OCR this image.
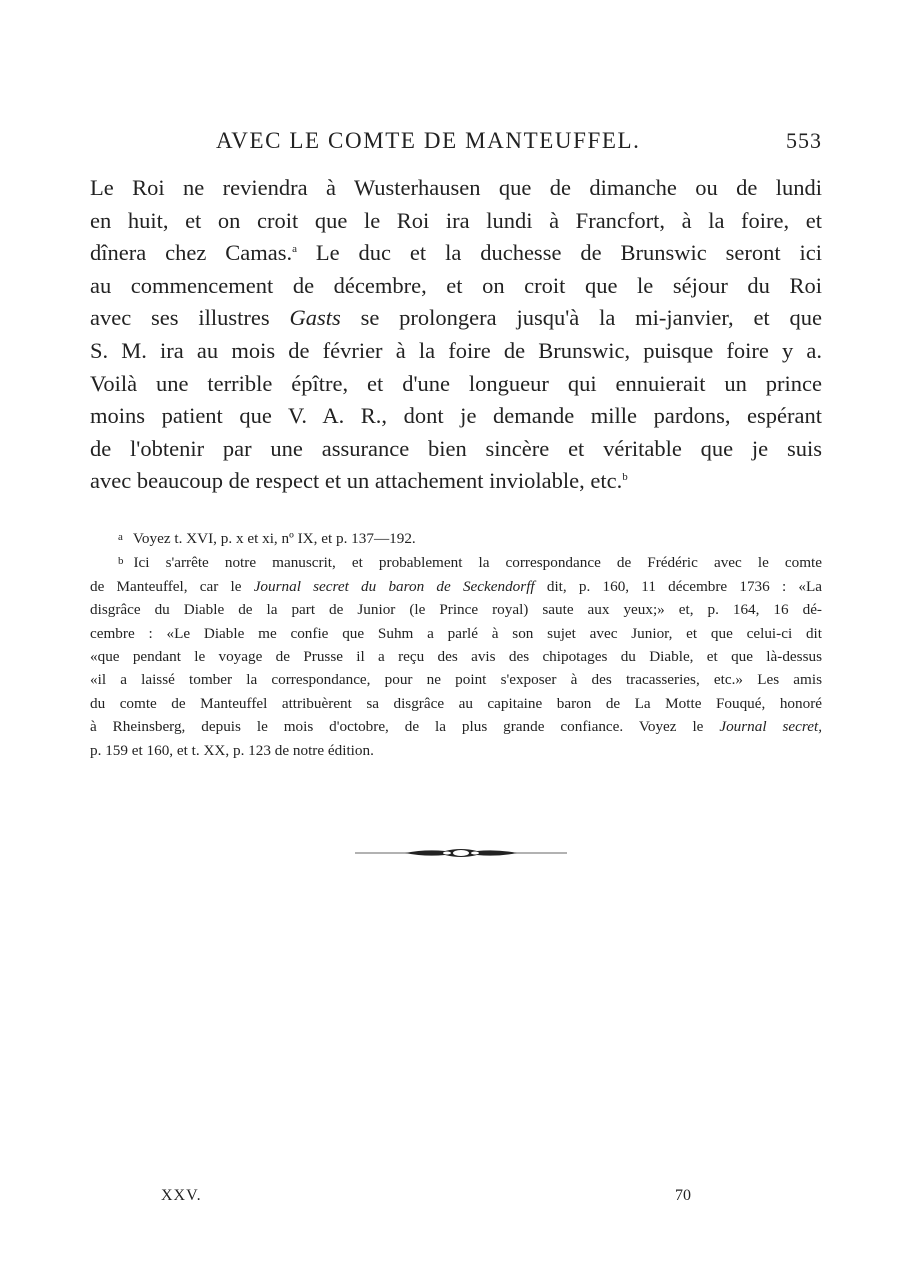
AVEC LE COMTE DE MANTEUFFEL.	553
Le Roi ne reviendra à Wusterhausen que de dimanche ou de lundi
en huit, et on croit que le Roi ira lundi à Francfort, à la foire, et
dînera chez Camas.$^a$ Le duc et la duchesse de Brunswic seront ici
au commencement de décembre, et on croit que le séjour du Roi
avec ses illustres Gasts se prolongera jusqu'à la mi-janvier, et que
S. M. ira au mois de février à la foire de Brunswic, puisque foire y a.
Voilà une terrible épître, et d'une longueur qui ennuierait un prince
moins patient que V. A. R., dont je demande mille pardons, espérant
de l'obtenir par une assurance bien sincère et véritable que je suis
avec beaucoup de respect et un attachement inviolable, etc.$^b$
a Voyez t. XVI, p. x et xi, nº IX, et p. 137—192.
b Ici s'arrête notre manuscrit, et probablement la correspondance de Frédéric avec le comte
de Manteuffel, car le Journal secret du baron de Seckendorff dit, p. 160, 11 décembre 1736 : «La
disgrâce du Diable de la part de Junior (le Prince royal) saute aux yeux;» et, p. 164, 16 dé-
cembre : «Le Diable me confie que Suhm a parlé à son sujet avec Junior, et que celui-ci dit
«que pendant le voyage de Prusse il a reçu des avis des chipotages du Diable, et que là-dessus
«il a laissé tomber la correspondance, pour ne point s'exposer à des tracasseries, etc.» Les amis
du comte de Manteuffel attribuèrent sa disgrâce au capitaine baron de La Motte Fouqué, honoré
à Rheinsberg, depuis le mois d'octobre, de la plus grande confiance. Voyez le Journal secret,
p. 159 et 160, et t. XX, p. 123 de notre édition.
XXV.	70
